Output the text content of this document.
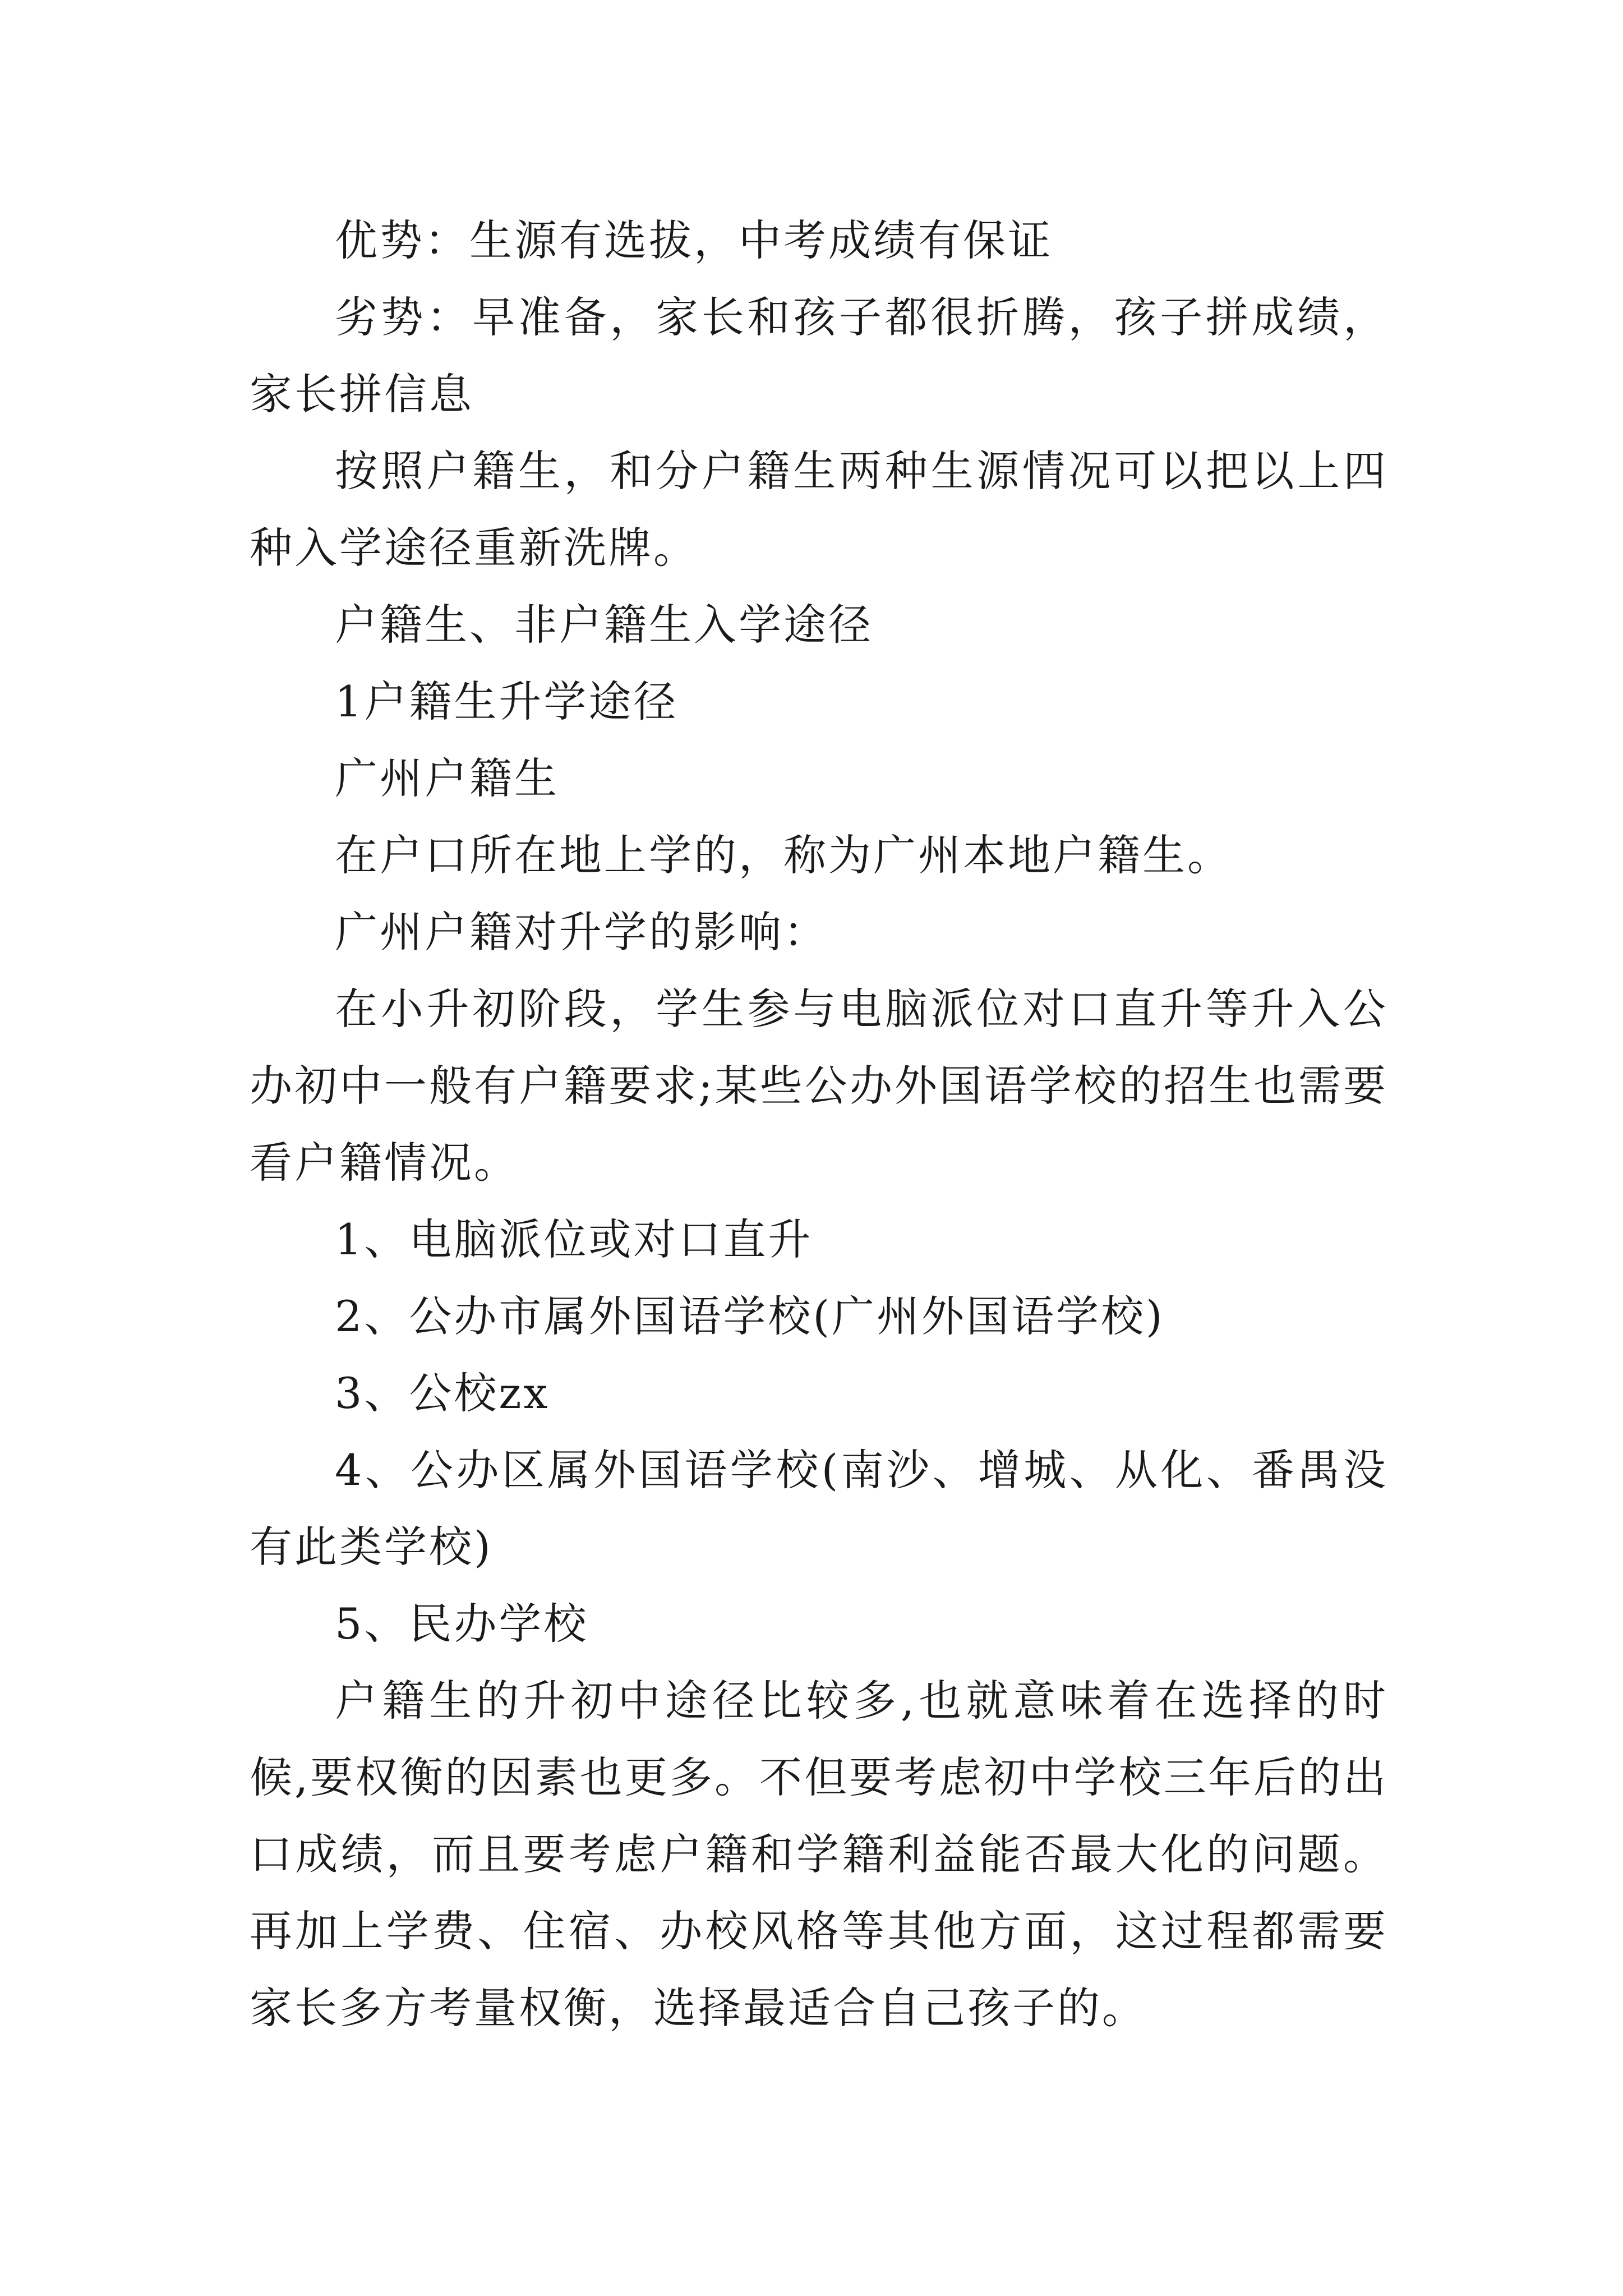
优势：生源有选拔，中考成绩有保证

劣势：早准备，家长和孩子都很折腾，孩子拼成绩，家长拼信息

按照户籍生，和分户籍生两种生源情况可以把以上四种入学途径重新洗牌。

户籍生、非户籍生入学途径

1户籍生升学途径

广州户籍生

在户口所在地上学的，称为广州本地户籍生。

广州户籍对升学的影响：

在小升初阶段，学生参与电脑派位对口直升等升入公办初中一般有户籍要求;某些公办外国语学校的招生也需要看户籍情况。

1、电脑派位或对口直升

2、公办市属外国语学校(广州外国语学校)

3、公校zx

4、公办区属外国语学校(南沙、增城、从化、番禺没有此类学校)

5、民办学校

户籍生的升初中途径比较多,也就意味着在选择的时候,要权衡的因素也更多。不但要考虑初中学校三年后的出口成绩，而且要考虑户籍和学籍利益能否最大化的问题。再加上学费、住宿、办校风格等其他方面，这过程都需要家长多方考量权衡，选择最适合自己孩子的。
